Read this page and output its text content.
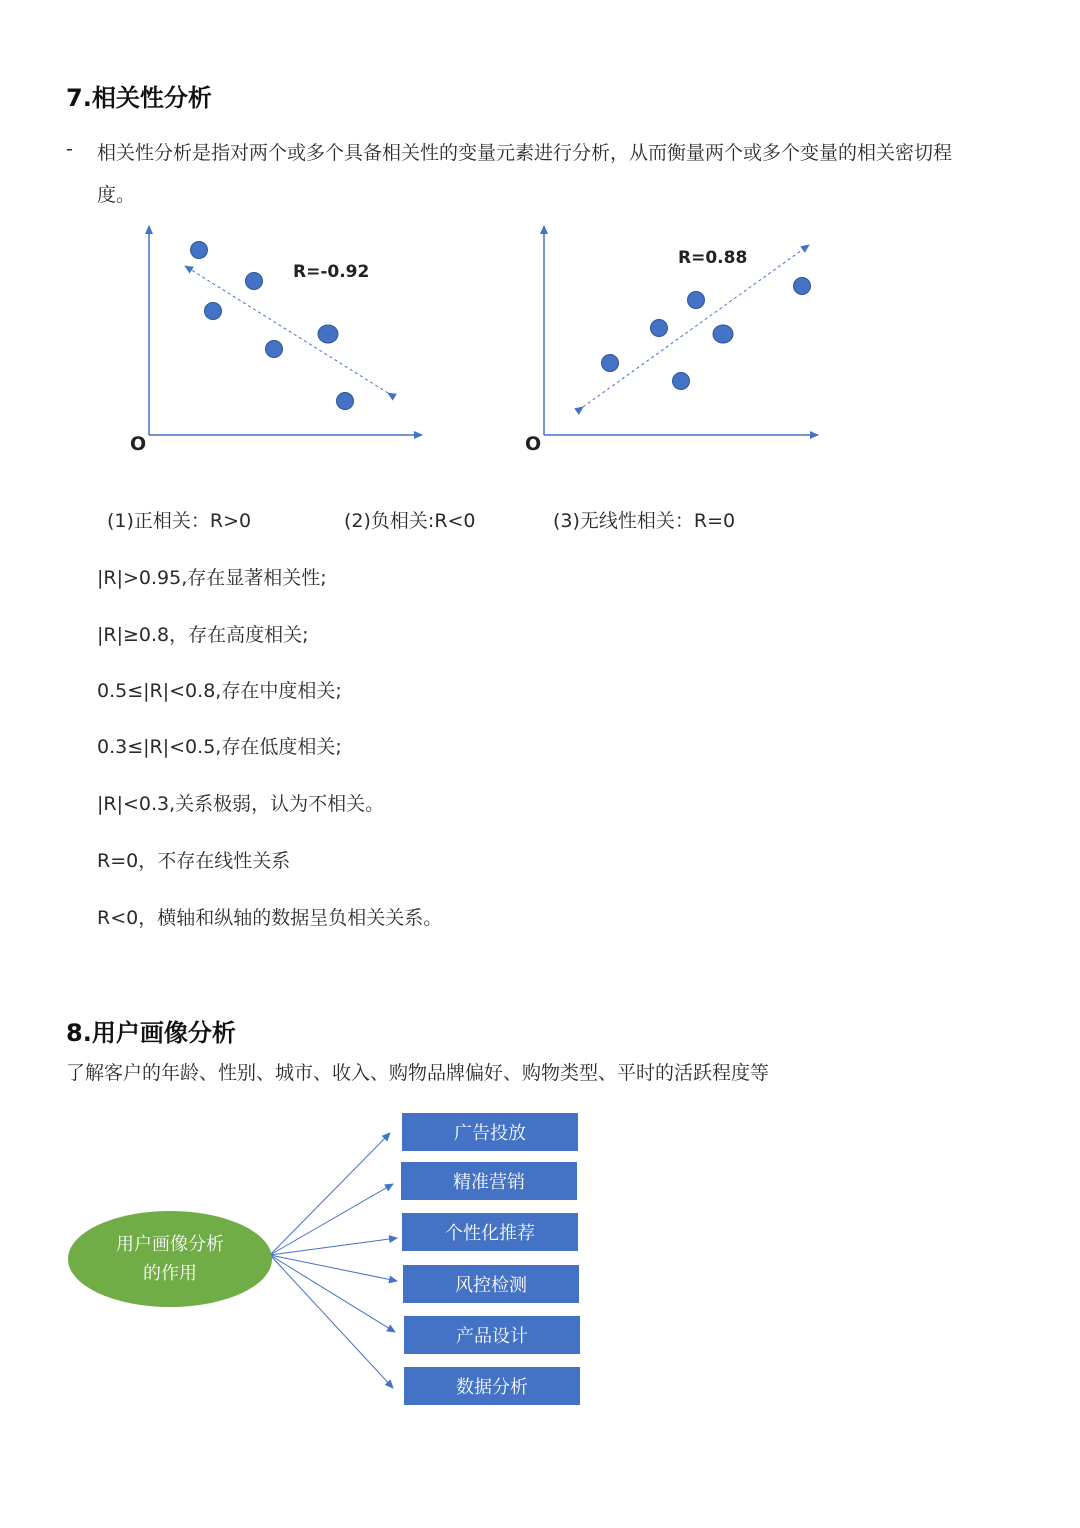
7.相关性分析
- 相关性分析是指对两个或多个具备相关性的变量元素进行分析，从而衡量两个或多个变量的相关密切程
度。
O
R=-0.92
O
R=0.88
(1)正相关：R>0	(2)负相关:R<0	(3)无线性相关：R=0
|R|>0.95,存在显著相关性;
|R|≥0.8，存在高度相关;
0.5≤|R|<0.8,存在中度相关;
0.3≤|R|<0.5,存在低度相关;
|R|<0.3,关系极弱，认为不相关。
R=0，不存在线性关系
R<0，横轴和纵轴的数据呈负相关关系。
8.用户画像分析
了解客户的年龄、性别、城市、收入、购物品牌偏好、购物类型、平时的活跃程度等
用户画像分析
的作用
广告投放
精准营销
个性化推荐
风控检测
产品设计
数据分析
